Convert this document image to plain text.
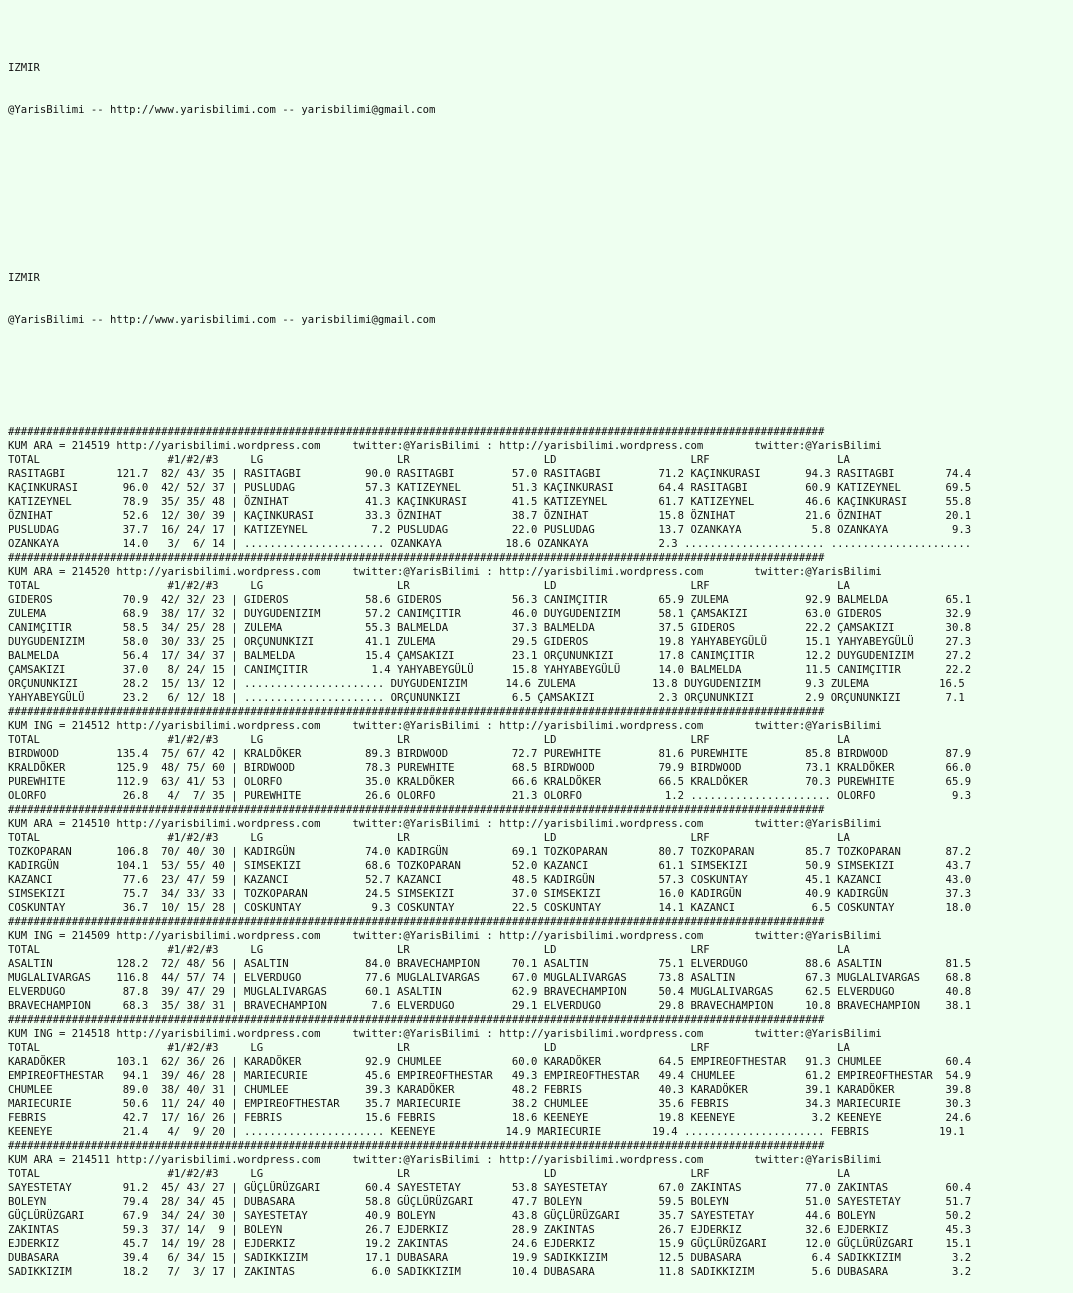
IZMIR

@YarisBilimi -- http://www.yarisbilimi.com -- yarisbilimi@gmail.com

IZMIR

@YarisBilimi -- http://www.yarisbilimi.com -- yarisbilimi@gmail.com

################################################################################################################################
KUM ARA = 214519 http://yarisbilimi.wordpress.com     twitter:@YarisBilimi : http://yarisbilimi.wordpress.com        twitter:@YarisBilimi
TOTAL                    #1/#2/#3     LG                     LR                     LD                     LRF                    LA
RASITAGBI        121.7  82/ 43/ 35 | RASITAGBI          90.0 RASITAGBI         57.0 RASITAGBI         71.2 KAÇINKURASI       94.3 RASITAGBI        74.4
KAÇINKURASI       96.0  42/ 52/ 37 | PUSLUDAG           57.3 KATIZEYNEL        51.3 KAÇINKURASI       64.4 RASITAGBI         60.9 KATIZEYNEL       69.5
KATIZEYNEL        78.9  35/ 35/ 48 | ÖZNIHAT            41.3 KAÇINKURASI       41.5 KATIZEYNEL        61.7 KATIZEYNEL        46.6 KAÇINKURASI      55.8
ÖZNIHAT           52.6  12/ 30/ 39 | KAÇINKURASI        33.3 ÖZNIHAT           38.7 ÖZNIHAT           15.8 ÖZNIHAT           21.6 ÖZNIHAT          20.1
PUSLUDAG          37.7  16/ 24/ 17 | KATIZEYNEL          7.2 PUSLUDAG          22.0 PUSLUDAG          13.7 OZANKAYA           5.8 OZANKAYA          9.3
OZANKAYA          14.0   3/  6/ 14 | ...................... OZANKAYA          18.6 OZANKAYA           2.3 ...................... ......................
################################################################################################################################
KUM ARA = 214520 http://yarisbilimi.wordpress.com     twitter:@YarisBilimi : http://yarisbilimi.wordpress.com        twitter:@YarisBilimi
TOTAL                    #1/#2/#3     LG                     LR                     LD                     LRF                    LA
GIDEROS           70.9  42/ 32/ 23 | GIDEROS            58.6 GIDEROS           56.3 CANIMÇITIR        65.9 ZULEMA            92.9 BALMELDA         65.1
ZULEMA            68.9  38/ 17/ 32 | DUYGUDENIZIM       57.2 CANIMÇITIR        46.0 DUYGUDENIZIM      58.1 ÇAMSAKIZI         63.0 GIDEROS          32.9
CANIMÇITIR        58.5  34/ 25/ 28 | ZULEMA             55.3 BALMELDA          37.3 BALMELDA          37.5 GIDEROS           22.2 ÇAMSAKIZI        30.8
DUYGUDENIZIM      58.0  30/ 33/ 25 | ORÇUNUNKIZI        41.1 ZULEMA            29.5 GIDEROS           19.8 YAHYABEYGÜLÜ      15.1 YAHYABEYGÜLÜ     27.3
BALMELDA          56.4  17/ 34/ 37 | BALMELDA           15.4 ÇAMSAKIZI         23.1 ORÇUNUNKIZI       17.8 CANIMÇITIR        12.2 DUYGUDENIZIM     27.2
ÇAMSAKIZI         37.0   8/ 24/ 15 | CANIMÇITIR          1.4 YAHYABEYGÜLÜ      15.8 YAHYABEYGÜLÜ      14.0 BALMELDA          11.5 CANIMÇITIR       22.2
ORÇUNUNKIZI       28.2  15/ 13/ 12 | ...................... DUYGUDENIZIM      14.6 ZULEMA            13.8 DUYGUDENIZIM       9.3 ZULEMA           16.5
YAHYABEYGÜLÜ      23.2   6/ 12/ 18 | ...................... ORÇUNUNKIZI        6.5 ÇAMSAKIZI          2.3 ORÇUNUNKIZI        2.9 ORÇUNUNKIZI       7.1
################################################################################################################################
KUM ING = 214512 http://yarisbilimi.wordpress.com     twitter:@YarisBilimi : http://yarisbilimi.wordpress.com        twitter:@YarisBilimi
TOTAL                    #1/#2/#3     LG                     LR                     LD                     LRF                    LA
BIRDWOOD         135.4  75/ 67/ 42 | KRALDÖKER          89.3 BIRDWOOD          72.7 PUREWHITE         81.6 PUREWHITE         85.8 BIRDWOOD         87.9
KRALDÖKER        125.9  48/ 75/ 60 | BIRDWOOD           78.3 PUREWHITE         68.5 BIRDWOOD          79.9 BIRDWOOD          73.1 KRALDÖKER        66.0
PUREWHITE        112.9  63/ 41/ 53 | OLORFO             35.0 KRALDÖKER         66.6 KRALDÖKER         66.5 KRALDÖKER         70.3 PUREWHITE        65.9
OLORFO            26.8   4/  7/ 35 | PUREWHITE          26.6 OLORFO            21.3 OLORFO             1.2 ...................... OLORFO            9.3
################################################################################################################################
KUM ARA = 214510 http://yarisbilimi.wordpress.com     twitter:@YarisBilimi : http://yarisbilimi.wordpress.com        twitter:@YarisBilimi
TOTAL                    #1/#2/#3     LG                     LR                     LD                     LRF                    LA
TOZKOPARAN       106.8  70/ 40/ 30 | KADIRGÜN           74.0 KADIRGÜN          69.1 TOZKOPARAN        80.7 TOZKOPARAN        85.7 TOZKOPARAN       87.2
KADIRGÜN         104.1  53/ 55/ 40 | SIMSEKIZI          68.6 TOZKOPARAN        52.0 KAZANCI           61.1 SIMSEKIZI         50.9 SIMSEKIZI        43.7
KAZANCI           77.6  23/ 47/ 59 | KAZANCI            52.7 KAZANCI           48.5 KADIRGÜN          57.3 COSKUNTAY         45.1 KAZANCI          43.0
SIMSEKIZI         75.7  34/ 33/ 33 | TOZKOPARAN         24.5 SIMSEKIZI         37.0 SIMSEKIZI         16.0 KADIRGÜN          40.9 KADIRGÜN         37.3
COSKUNTAY         36.7  10/ 15/ 28 | COSKUNTAY           9.3 COSKUNTAY         22.5 COSKUNTAY         14.1 KAZANCI            6.5 COSKUNTAY        18.0
################################################################################################################################
KUM ING = 214509 http://yarisbilimi.wordpress.com     twitter:@YarisBilimi : http://yarisbilimi.wordpress.com        twitter:@YarisBilimi
TOTAL                    #1/#2/#3     LG                     LR                     LD                     LRF                    LA
ASALTIN          128.2  72/ 48/ 56 | ASALTIN            84.0 BRAVECHAMPION     70.1 ASALTIN           75.1 ELVERDUGO         88.6 ASALTIN          81.5
MUGLALIVARGAS    116.8  44/ 57/ 74 | ELVERDUGO          77.6 MUGLALIVARGAS     67.0 MUGLALIVARGAS     73.8 ASALTIN           67.3 MUGLALIVARGAS    68.8
ELVERDUGO         87.8  39/ 47/ 29 | MUGLALIVARGAS      60.1 ASALTIN           62.9 BRAVECHAMPION     50.4 MUGLALIVARGAS     62.5 ELVERDUGO        40.8
BRAVECHAMPION     68.3  35/ 38/ 31 | BRAVECHAMPION       7.6 ELVERDUGO         29.1 ELVERDUGO         29.8 BRAVECHAMPION     10.8 BRAVECHAMPION    38.1
################################################################################################################################
KUM ING = 214518 http://yarisbilimi.wordpress.com     twitter:@YarisBilimi : http://yarisbilimi.wordpress.com        twitter:@YarisBilimi
TOTAL                    #1/#2/#3     LG                     LR                     LD                     LRF                    LA
KARADÖKER        103.1  62/ 36/ 26 | KARADÖKER          92.9 CHUMLEE           60.0 KARADÖKER         64.5 EMPIREOFTHESTAR   91.3 CHUMLEE          60.4
EMPIREOFTHESTAR   94.1  39/ 46/ 28 | MARIECURIE         45.6 EMPIREOFTHESTAR   49.3 EMPIREOFTHESTAR   49.4 CHUMLEE           61.2 EMPIREOFTHESTAR  54.9
CHUMLEE           89.0  38/ 40/ 31 | CHUMLEE            39.3 KARADÖKER         48.2 FEBRIS            40.3 KARADÖKER         39.1 KARADÖKER        39.8
MARIECURIE        50.6  11/ 24/ 40 | EMPIREOFTHESTAR    35.7 MARIECURIE        38.2 CHUMLEE           35.6 FEBRIS            34.3 MARIECURIE       30.3
FEBRIS            42.7  17/ 16/ 26 | FEBRIS             15.6 FEBRIS            18.6 KEENEYE           19.8 KEENEYE            3.2 KEENEYE          24.6
KEENEYE           21.4   4/  9/ 20 | ...................... KEENEYE           14.9 MARIECURIE        19.4 ...................... FEBRIS           19.1
################################################################################################################################
KUM ARA = 214511 http://yarisbilimi.wordpress.com     twitter:@YarisBilimi : http://yarisbilimi.wordpress.com        twitter:@YarisBilimi
TOTAL                    #1/#2/#3     LG                     LR                     LD                     LRF                    LA
SAYESTETAY        91.2  45/ 43/ 27 | GÜÇLÜRÜZGARI       60.4 SAYESTETAY        53.8 SAYESTETAY        67.0 ZAKINTAS          77.0 ZAKINTAS         60.4
BOLEYN            79.4  28/ 34/ 45 | DUBASARA           58.8 GÜÇLÜRÜZGARI      47.7 BOLEYN            59.5 BOLEYN            51.0 SAYESTETAY       51.7
GÜÇLÜRÜZGARI      67.9  34/ 24/ 30 | SAYESTETAY         40.9 BOLEYN            43.8 GÜÇLÜRÜZGARI      35.7 SAYESTETAY        44.6 BOLEYN           50.2
ZAKINTAS          59.3  37/ 14/  9 | BOLEYN             26.7 EJDERKIZ          28.9 ZAKINTAS          26.7 EJDERKIZ          32.6 EJDERKIZ         45.3
EJDERKIZ          45.7  14/ 19/ 28 | EJDERKIZ           19.2 ZAKINTAS          24.6 EJDERKIZ          15.9 GÜÇLÜRÜZGARI      12.0 GÜÇLÜRÜZGARI     15.1
DUBASARA          39.4   6/ 34/ 15 | SADIKKIZIM         17.1 DUBASARA          19.9 SADIKKIZIM        12.5 DUBASARA           6.4 SADIKKIZIM        3.2
SADIKKIZIM        18.2   7/  3/ 17 | ZAKINTAS            6.0 SADIKKIZIM        10.4 DUBASARA          11.8 SADIKKIZIM         5.6 DUBASARA          3.2
